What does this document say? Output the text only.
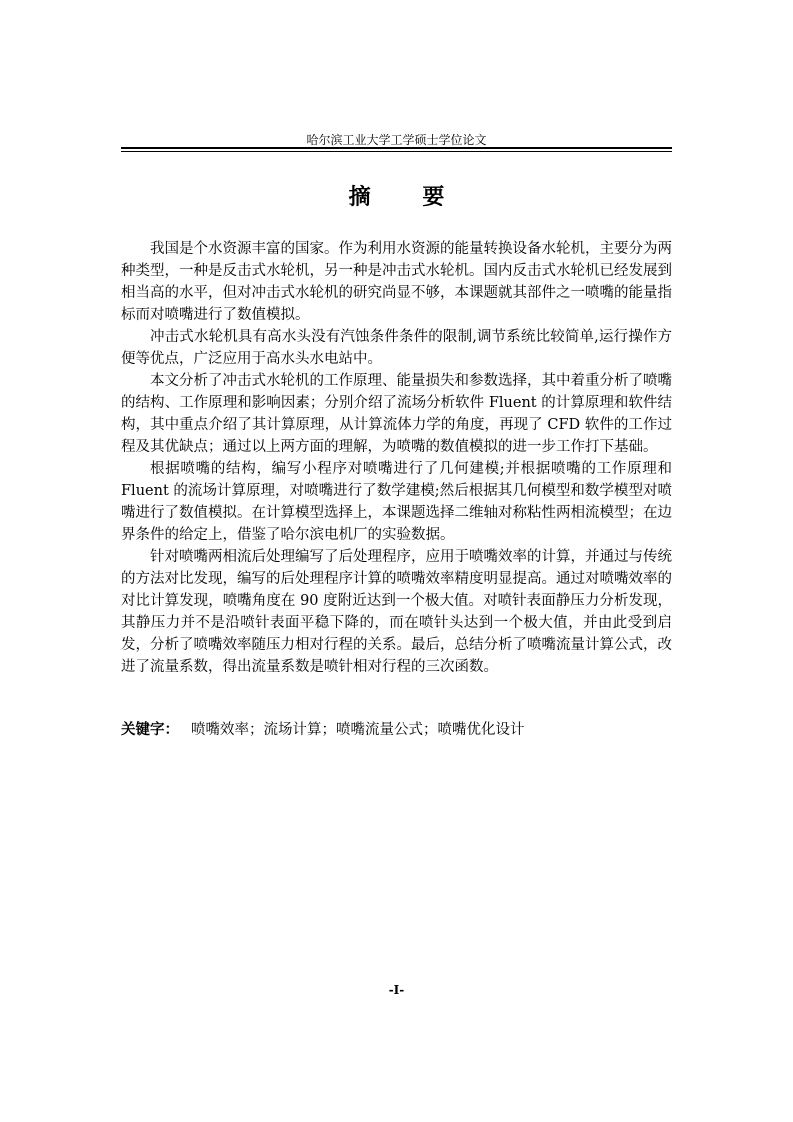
哈尔滨工业大学工学硕士学位论文
摘 要

我国是个水资源丰富的国家。作为利用水资源的能量转换设备水轮机，主要分为两种类型，一种是反击式水轮机，另一种是冲击式水轮机。国内反击式水轮机已经发展到相当高的水平，但对冲击式水轮机的研究尚显不够，本课题就其部件之一喷嘴的能量指标而对喷嘴进行了数值模拟。

冲击式水轮机具有高水头没有汽蚀条件条件的限制,调节系统比较简单,运行操作方便等优点，广泛应用于高水头水电站中。

本文分析了冲击式水轮机的工作原理、能量损失和参数选择，其中着重分析了喷嘴的结构、工作原理和影响因素；分别介绍了流场分析软件 Fluent 的计算原理和软件结构，其中重点介绍了其计算原理，从计算流体力学的角度，再现了 CFD 软件的工作过程及其优缺点；通过以上两方面的理解，为喷嘴的数值模拟的进一步工作打下基础。

根据喷嘴的结构，编写小程序对喷嘴进行了几何建模;并根据喷嘴的工作原理和 Fluent 的流场计算原理，对喷嘴进行了数学建模;然后根据其几何模型和数学模型对喷嘴进行了数值模拟。在计算模型选择上，本课题选择二维轴对称粘性两相流模型；在边界条件的给定上，借鉴了哈尔滨电机厂的实验数据。

针对喷嘴两相流后处理编写了后处理程序，应用于喷嘴效率的计算，并通过与传统的方法对比发现，编写的后处理程序计算的喷嘴效率精度明显提高。通过对喷嘴效率的对比计算发现，喷嘴角度在 90 度附近达到一个极大值。对喷针表面静压力分析发现，其静压力并不是沿喷针表面平稳下降的，而在喷针头达到一个极大值，并由此受到启发，分析了喷嘴效率随压力相对行程的关系。最后，总结分析了喷嘴流量计算公式，改进了流量系数，得出流量系数是喷针相对行程的三次函数。

关键字： 喷嘴效率；流场计算；喷嘴流量公式；喷嘴优化设计
-I-
